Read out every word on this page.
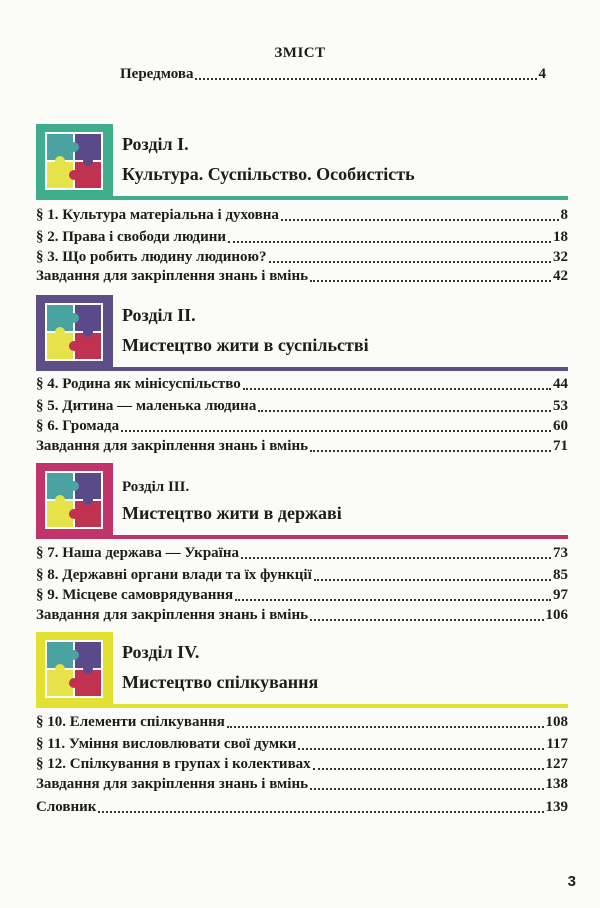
ЗМІСТ
Передмова	4
Розділ І.
Культура. Суспільство. Особистість
§ 1. Культура матеріальна і духовна	8
§ 2. Права і свободи людини	18
§ 3. Що робить людину людиною?	32
Завдання для закріплення знань і вмінь	42
Розділ ІІ.
Мистецтво жити в суспільстві
§ 4. Родина як мінісуспільство	44
§ 5. Дитина — маленька людина	53
§ 6. Громада	60
Завдання для закріплення знань і вмінь	71
Розділ ІІІ.
Мистецтво жити в державі
§ 7. Наша держава — Україна	73
§ 8. Державні органи влади та їх функції	85
§ 9. Місцеве самоврядування	97
Завдання для закріплення знань і вмінь	106
Розділ IV.
Мистецтво спілкування
§ 10. Елементи спілкування	108
§ 11. Уміння висловлювати свої думки	117
§ 12. Спілкування в групах і колективах	127
Завдання для закріплення знань і вмінь	138
Словник	139
3
